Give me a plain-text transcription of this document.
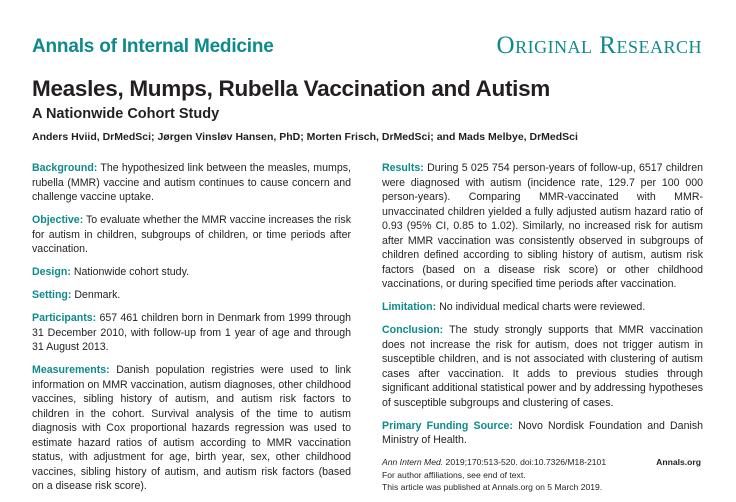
Annals of Internal Medicine	Original Research
Measles, Mumps, Rubella Vaccination and Autism
A Nationwide Cohort Study
Anders Hviid, DrMedSci; Jørgen Vinsløv Hansen, PhD; Morten Frisch, DrMedSci; and Mads Melbye, DrMedSci

Background: The hypothesized link between the measles, mumps, rubella (MMR) vaccine and autism continues to cause concern and challenge vaccine uptake.

Objective: To evaluate whether the MMR vaccine increases the risk for autism in children, subgroups of children, or time periods after vaccination.

Design: Nationwide cohort study.

Setting: Denmark.

Participants: 657 461 children born in Denmark from 1999 through 31 December 2010, with follow-up from 1 year of age and through 31 August 2013.

Measurements: Danish population registries were used to link information on MMR vaccination, autism diagnoses, other childhood vaccines, sibling history of autism, and autism risk factors to children in the cohort. Survival analysis of the time to autism diagnosis with Cox proportional hazards regression was used to estimate hazard ratios of autism according to MMR vaccination status, with adjustment for age, birth year, sex, other childhood vaccines, sibling history of autism, and autism risk factors (based on a disease risk score).

Results: During 5 025 754 person-years of follow-up, 6517 children were diagnosed with autism (incidence rate, 129.7 per 100 000 person-years). Comparing MMR-vaccinated with MMR-unvaccinated children yielded a fully adjusted autism hazard ratio of 0.93 (95% CI, 0.85 to 1.02). Similarly, no increased risk for autism after MMR vaccination was consistently observed in subgroups of children defined according to sibling history of autism, autism risk factors (based on a disease risk score) or other childhood vaccinations, or during specified time periods after vaccination.

Limitation: No individual medical charts were reviewed.

Conclusion: The study strongly supports that MMR vaccination does not increase the risk for autism, does not trigger autism in susceptible children, and is not associated with clustering of autism cases after vaccination. It adds to previous studies through significant additional statistical power and by addressing hypotheses of susceptible subgroups and clustering of cases.

Primary Funding Source: Novo Nordisk Foundation and Danish Ministry of Health.

Ann Intern Med. 2019;170:513-520. doi:10.7326/M18-2101	Annals.org
For author affiliations, see end of text.
This article was published at Annals.org on 5 March 2019.
